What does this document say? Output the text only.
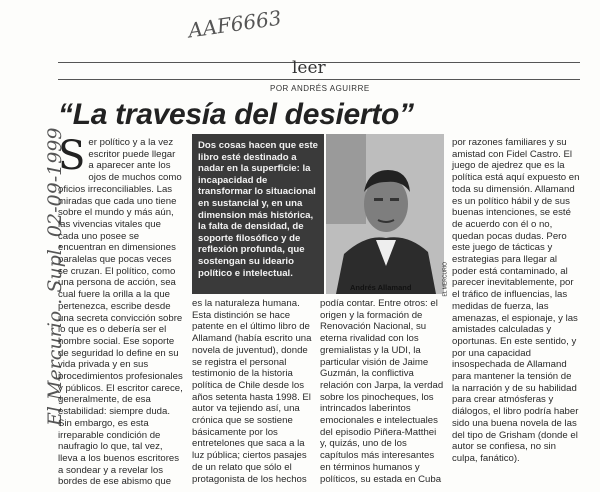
AAF6663
El Mercurio . Supl. 02-09-1999
leer
POR ANDRÉS AGUIRRE
“La travesía del desierto”
S er político y a la vez escritor puede llegar a aparecer ante los ojos de muchos como oficios irreconciliables. Las miradas que cada uno tiene sobre el mundo y más aún, las vivencias vitales que cada uno posee se encuentran en dimensiones paralelas que pocas veces se cruzan. El político, como una persona de acción, sea cual fuere la orilla a la que pertenezca, escribe desde una secreta convicción sobre lo que es o debería ser el hombre social. Ese soporte de seguridad lo define en su vida privada y en sus procedimientos profesionales y públicos. El escritor carece, generalmente, de esa estabilidad: siempre duda. Sin embargo, es esta irreparable condición de naufragio lo que, tal vez, lleva a los buenos escritores a sondear y a revelar los bordes de ese abismo que

Dos cosas hacen que este libro esté destinado a nadar en la superficie: la incapacidad de transformar lo situacional en sustancial y, en una dimension más histórica, la falta de densidad, de soporte filosófico y de reflexión profunda, que sostengan su ideario político e intelectual.
Andrés Allamand	EL MERCURIO

es la naturaleza humana. Esta distinción se hace patente en el último libro de Allamand (había escrito una novela de juventud), donde se registra el personal testimonio de la historia política de Chile desde los años setenta hasta 1998. El autor va tejiendo así, una crónica que se sostiene básicamente por los entretelones que saca a la luz pública; ciertos pasajes de un relato que sólo el protagonista de los hechos

podía contar. Entre otros: el origen y la formación de Renovación Nacional, su eterna rivalidad con los gremialistas y la UDI, la particular visión de Jaime Guzmán, la conflictiva relación con Jarpa, la verdad sobre los pinocheques, los intrincados laberintos emocionales e intelectuales del episodio Piñera-Matthei y, quizás, uno de los capítulos más interesantes en términos humanos y políticos, su estada en Cuba

por razones familiares y su amistad con Fidel Castro. El juego de ajedrez que es la política está aquí expuesto en toda su dimensión. Allamand es un político hábil y de sus buenas intenciones, se esté de acuerdo con él o no, quedan pocas dudas. Pero este juego de tácticas y estrategias para llegar al poder está contaminado, al parecer inevitablemente, por el tráfico de influencias, las medidas de fuerza, las amenazas, el espionaje, y las amistades calculadas y oportunas. En este sentido, y por una capacidad insospechada de Allamand para mantener la tensión de la narración y de su habilidad para crear atmósferas y diálogos, el libro podría haber sido una buena novela de las del tipo de Grisham (donde el autor se confiesa, no sin culpa, fanático).
